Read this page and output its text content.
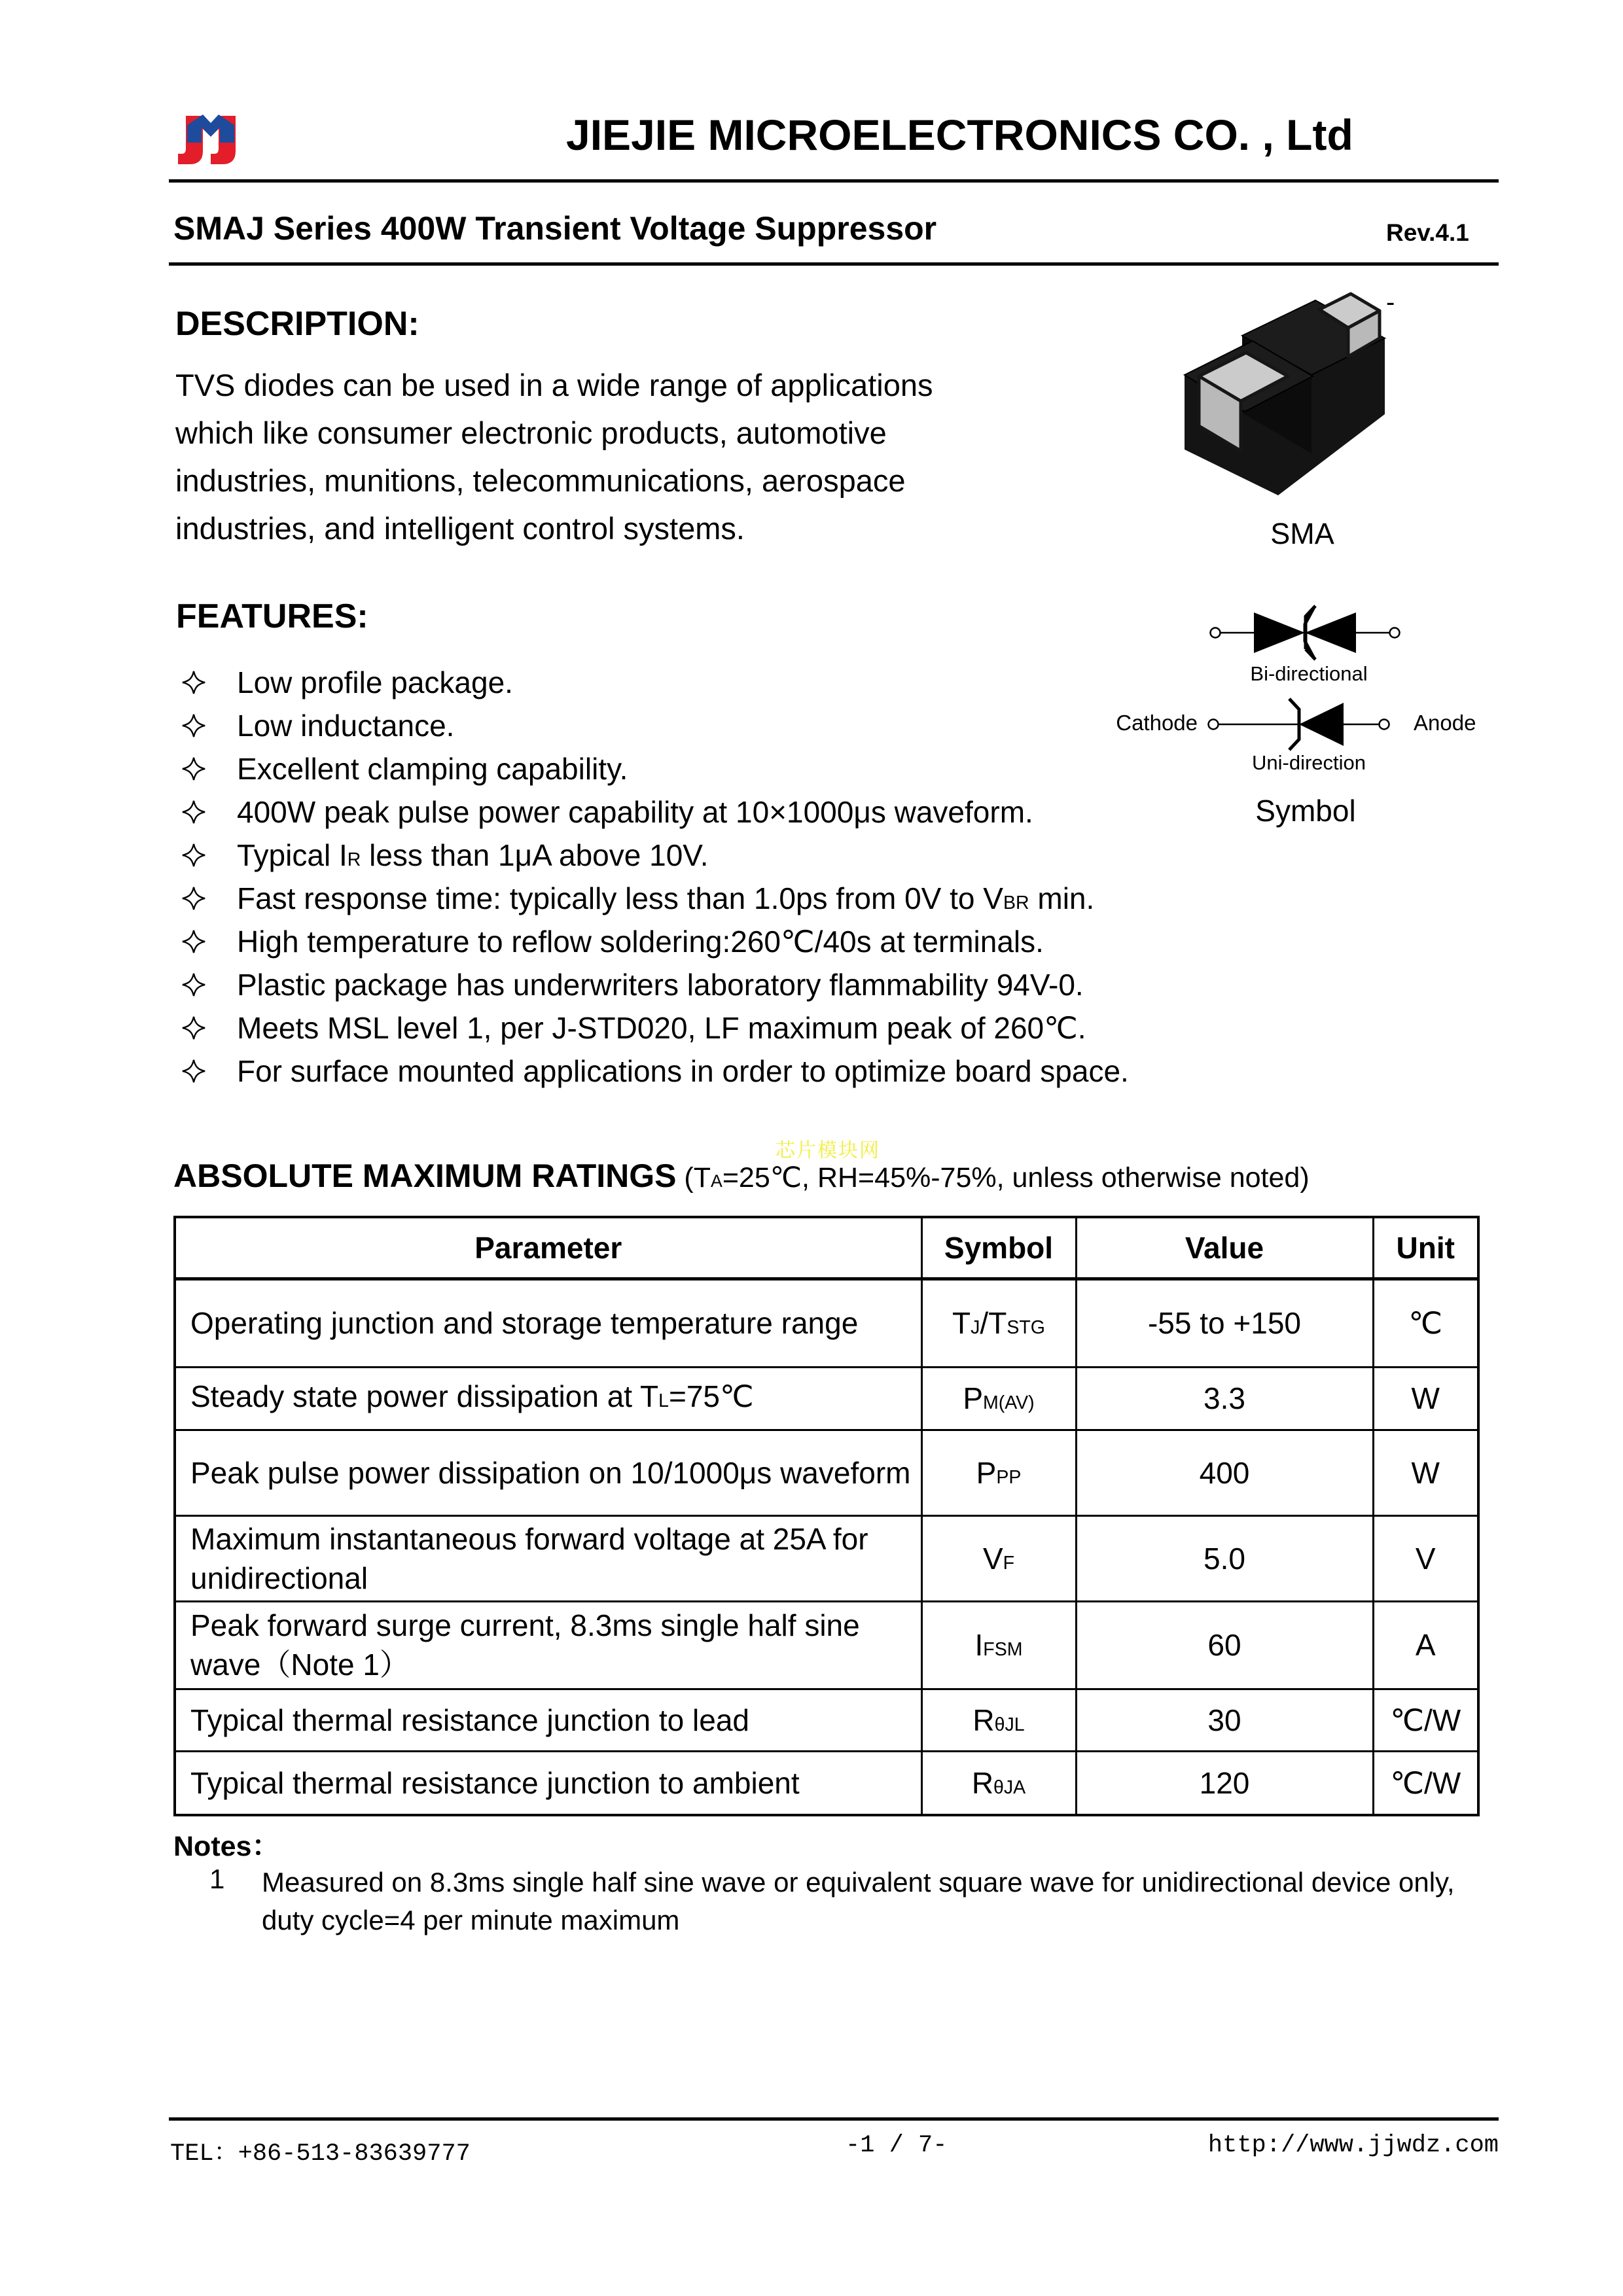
JIEJIE MICROELECTRONICS CO. , Ltd
SMAJ Series 400W Transient Voltage Suppressor	Rev.4.1
DESCRIPTION:
TVS diodes can be used in a wide range of applications
which like consumer electronic products, automotive
industries, munitions, telecommunications, aerospace
industries, and intelligent control systems.
-
SMA
FEATURES:
Low profile package.
Low inductance.
Excellent clamping capability.
400W peak pulse power capability at 10×1000μs waveform.
Typical IR less than 1μA above 10V.
Fast response time: typically less than 1.0ps from 0V to VBR min.
High temperature to reflow soldering:260℃/40s at terminals.
Plastic package has underwriters laboratory flammability 94V-0.
Meets MSL level 1, per J-STD020, LF maximum peak of 260℃.
For surface mounted applications in order to optimize board space.
Bi-directional
Cathode	Anode
Uni-direction
Symbol
芯片模块网
ABSOLUTE MAXIMUM RATINGS (TA=25℃, RH=45%-75%, unless otherwise noted)
Parameter	Symbol	Value	Unit
Operating junction and storage temperature range	TJ/TSTG	-55 to +150	℃
Steady state power dissipation at TL=75℃	PM(AV)	3.3	W
Peak pulse power dissipation on 10/1000μs waveform	PPP	400	W
Maximum instantaneous forward voltage at 25A for unidirectional	VF	5.0	V
Peak forward surge current, 8.3ms single half sine wave（Note 1）	IFSM	60	A
Typical thermal resistance junction to lead	RθJL	30	℃/W
Typical thermal resistance junction to ambient	RθJA	120	℃/W
Notes：
1	Measured on 8.3ms single half sine wave or equivalent square wave for unidirectional device only,
duty cycle=4 per minute maximum
TEL：+86-513-83639777	-1 / 7-	http://www.jjwdz.com
